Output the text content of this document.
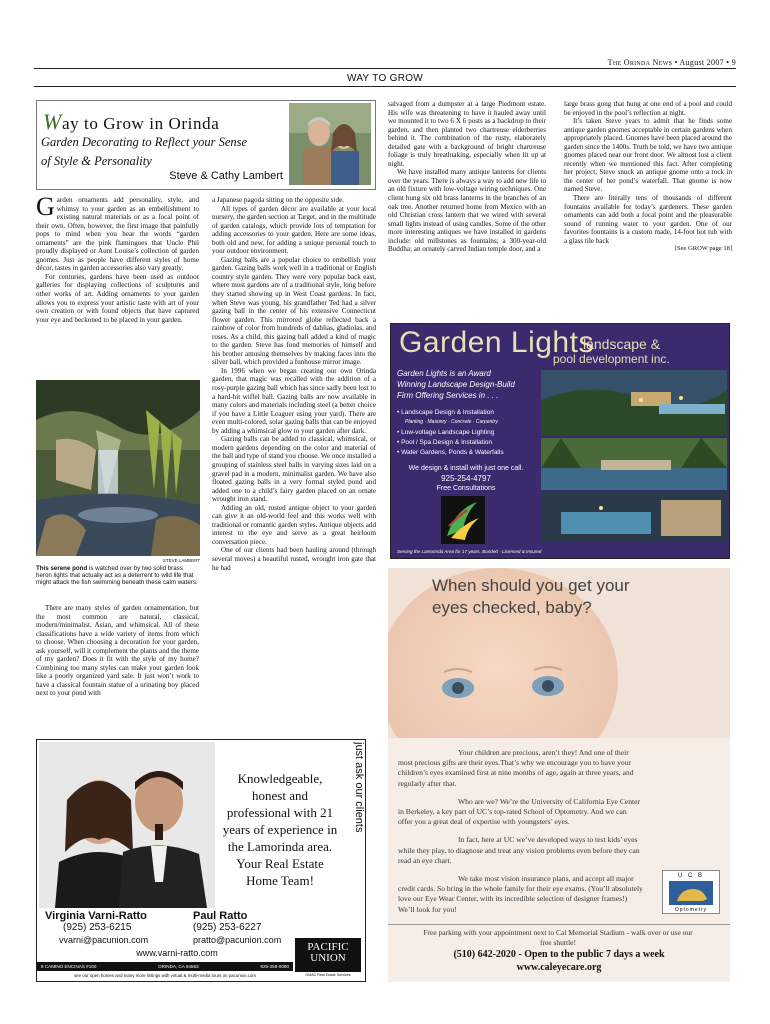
The Orinda News • August 2007 • 9
WAY TO GROW
Way to Grow in Orinda
Garden Decorating to Reflect your Sense of Style & Personality
Steve & Cathy Lambert

Garden ornaments add personality, style, and whimsy to your garden as an embellishment to existing natural materials or as a focal point of their own. Often, however, the first image that painfully pops to mind when you hear the words “garden ornaments” are the pink flamingoes that Uncle Phil proudly displayed or Aunt Louise’s collection of garden gnomes. Just as people have different styles of home décor, tastes in garden accessories also vary greatly.

For centuries, gardens have been used as outdoor galleries for displaying collections of sculptures and other works of art. Adding ornaments to your garden allows you to express your artistic taste with art of your own creation or with found objects that have captured your eye and beckoned to be placed in your garden.

STEVE LAMBERT
This serene pond is watched over by two solid brass heron lights that actually act as a deterrent to wild life that might attack the fish swimming beneath these calm waters.

There are many styles of garden ornamentation, but the most common are natural, classical, modern/minimalist, Asian, and whimsical. All of these classifications have a wide variety of items from which to choose. When choosing a decoration for your garden, ask yourself, will it complement the plants and the theme of my garden? Does it fit with the style of my home? Combining too many styles can make your garden look like a poorly organized yard sale. It just won’t work to have a classical fountain statue of a urinating boy placed next to your pond with

a Japanese pagoda sitting on the opposite side.

All types of garden décor are available at your local nursery, the garden section at Target, and in the multitude of garden catalogs, which provide lots of temptation for adding accessories to your garden. Here are some ideas, both old and new, for adding a unique personal touch to your outdoor environment.

Gazing balls are a popular choice to embellish your garden. Gazing balls work well in a traditional or English country style garden. They were very popular back east, where most gardens are of a traditional style, long before they started showing up in West Coast gardens. In fact, when Steve was young, his grandfather Ted had a silver gazing ball in the center of his extensive Connecticut flower garden. This mirrored globe reflected back a rainbow of color from hundreds of dahlias, gladiolas, and roses. As a child, this gazing ball added a kind of magic to the garden. Steve has fond memories of himself and his brother amusing themselves by making faces into the silver ball, which provided a funhouse mirror image.

In 1996 when we began creating our own Orinda garden, that magic was recalled with the addition of a rosy-purple gazing ball which has since sadly been lost to a hard-hit wiffel ball. Gazing balls are now available in many colors and materials including steel (a better choice if you have a Little Leaguer using your yard). There are even multi-colored, solar gazing balls that can be enjoyed by adding a whimsical glow to your garden after dark.

Gazing balls can be added to classical, whimsical, or modern gardens depending on the color and material of the ball and type of stand you choose. We once installed a grouping of stainless steel balls in varying sizes laid on a gravel pad in a modern, minimalist garden. We have also floated gazing balls in a very formal styled pond and added one to a child’s fairy garden placed on an ornate wrought iron stand.

Adding an old, rusted antique object to your garden can give it an old-world feel and this works well with traditional or romantic garden styles. Antique objects add interest to the eye and serve as a great heirloom conversation piece.

One of our clients had been hauling around (through several moves) a beautiful rusted, wrought iron gate that he had

salvaged from a dumpster at a large Piedmont estate. His wife was threatening to have it hauled away until we mounted it to two 6 X 6 posts as a backdrop to their garden, and then planted two chartreuse elderberries behind it. The combination of the rusty, elaborately detailed gate with a background of bright chartreuse foliage is truly breathtaking, especially when lit up at night.

We have installed many antique lanterns for clients over the years. There is always a way to add new life to an old fixture with low-voltage wiring techniques. One client hung six old brass lanterns in the branches of an oak tree. Another returned home from Mexico with an old Christian cross lantern that we wired with several small lights instead of using candles. Some of the other more interesting antiques we have installed in gardens include: old millstones as fountains; a 300-year-old Buddha; an ornately carved Indian temple door, and a

large brass gong that hung at one end of a pool and could be enjoyed in the pool’s reflection at night.

It’s taken Steve years to admit that he finds some antique garden gnomes acceptable in certain gardens when appropriately placed. Gnomes have been placed around the garden since the 1400s. Truth be told, we have two antique gnomes placed near our front door. We almost lost a client recently when we mentioned this fact. After completing her project, Steve snuck an antique gnome onto a rock in the center of her pond’s waterfall. That gnome is now named Steve.

There are literally tens of thousands of different fountains available for today’s gardeners. These garden ornaments can add both a focal point and the pleasurable sound of running water to your garden. One of our favorites fountains is a custom made, 14-foot hot tub with a glass tile back

[See GROW page 18]

Garden Lights
landscape &
pool development inc.
Garden Lights is an Award Winning Landscape Design-Build Firm Offering Services in . . .
• Landscape Design & Installation
Planting · Masonry · Concrete · Carpentry
• Low-voltage Landscape Lighting
• Pool / Spa Design & Installation
• Water Gardens, Ponds & Waterfalls
We design & install with just one call.
925-254-4797
Free Consultations
Serving the Lamorinda Area for 17 years. Bonded - Licensed & Insured
Knowledgeable, honest and professional with 21 years of experience in the Lamorinda area. Your Real Estate Home Team!
just ask our clients
Virginia Varni-Ratto
(925) 253-6215
vvarni@pacunion.com
Paul Ratto
(925) 253-6227
pratto@pacunion.com
www.varni-ratto.com	PACIFIC
UNION
8 CAMINO ENCINAS #100	ORINDA, CA 94563	925-258-0090
GMAC Real Estate Services
see our open homes and many more listings with virtual & multi-media tours on pacunion.com
When should you get your
eyes checked, baby?

Your children are precious, aren’t they! And one of their most precious gifts are their eyes.That’s why we encourage you to have your children’s eyes examined first at nine months of age, again at three years, and regularly after that.

Who are we? We’re the University of California Eye Center in Berkeley, a key part of UC’s top-rated School of Optometry. And we can offer you a great deal of expertise with youngsters’ eyes.

In fact, here at UC we’ve developed ways to test kids’ eyes while they play, to diagnose and treat any vision problems even before they can read an eye chart.

We take most vision insurance plans, and accept all major credit cards. So bring in the whole family for their eye exams. (You’ll absolutely love our Eye Wear Center, with its incredible selection of designer frames!) We’ll look for you!

U C B
Optometry
Free parking with your appointment next to Cal Memorial Stadium - walk over or use our free shuttle!
(510) 642-2020 - Open to the public 7 days a week
www.caleyecare.org
